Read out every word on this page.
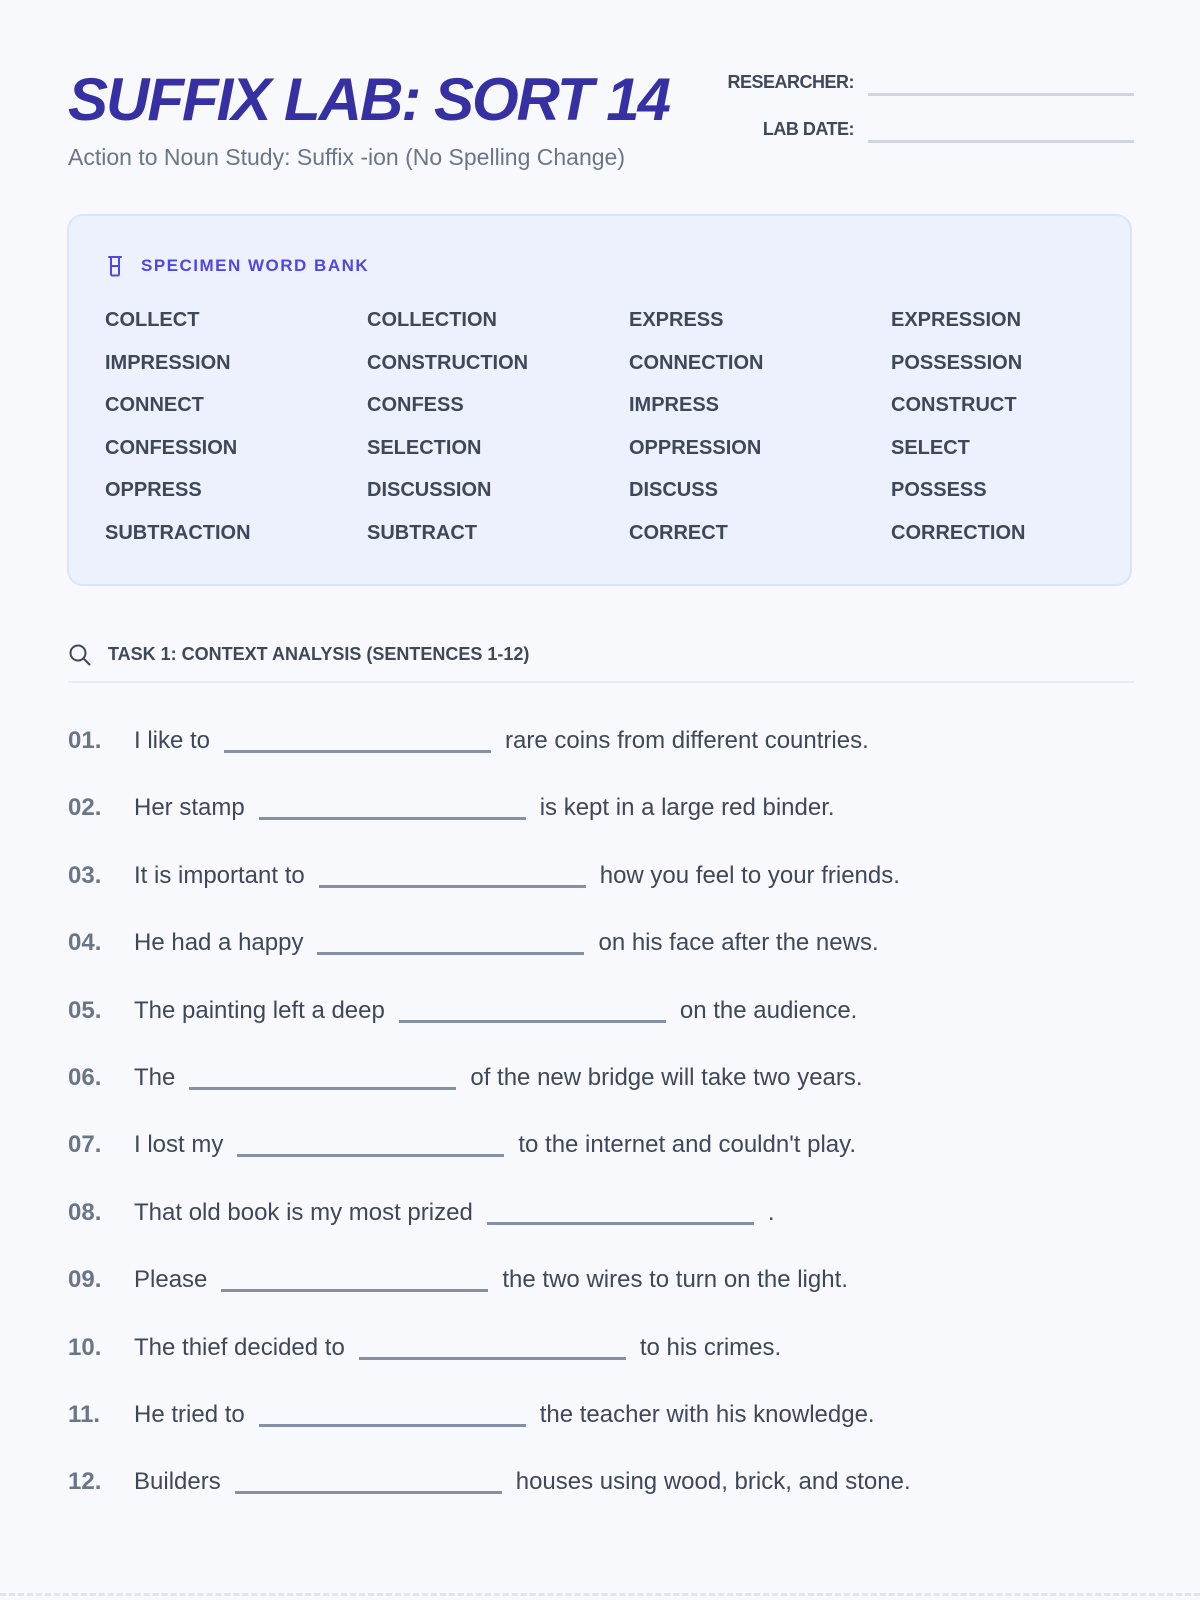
SUFFIX LAB: SORT 14
Action to Noun Study: Suffix -ion (No Spelling Change)
RESEARCHER:
LAB DATE:
SPECIMEN WORD BANK
COLLECT	COLLECTION	EXPRESS	EXPRESSION
IMPRESSION	CONSTRUCTION	CONNECTION	POSSESSION
CONNECT	CONFESS	IMPRESS	CONSTRUCT
CONFESSION	SELECTION	OPPRESSION	SELECT
OPPRESS	DISCUSSION	DISCUSS	POSSESS
SUBTRACTION	SUBTRACT	CORRECT	CORRECTION
TASK 1: CONTEXT ANALYSIS (SENTENCES 1-12)
01.	I like to	rare coins from different countries.
02.	Her stamp	is kept in a large red binder.
03.	It is important to	how you feel to your friends.
04.	He had a happy	on his face after the news.
05.	The painting left a deep	on the audience.
06.	The	of the new bridge will take two years.
07.	I lost my	to the internet and couldn't play.
08.	That old book is my most prized	.
09.	Please	the two wires to turn on the light.
10.	The thief decided to	to his crimes.
11.	He tried to	the teacher with his knowledge.
12.	Builders	houses using wood, brick, and stone.
